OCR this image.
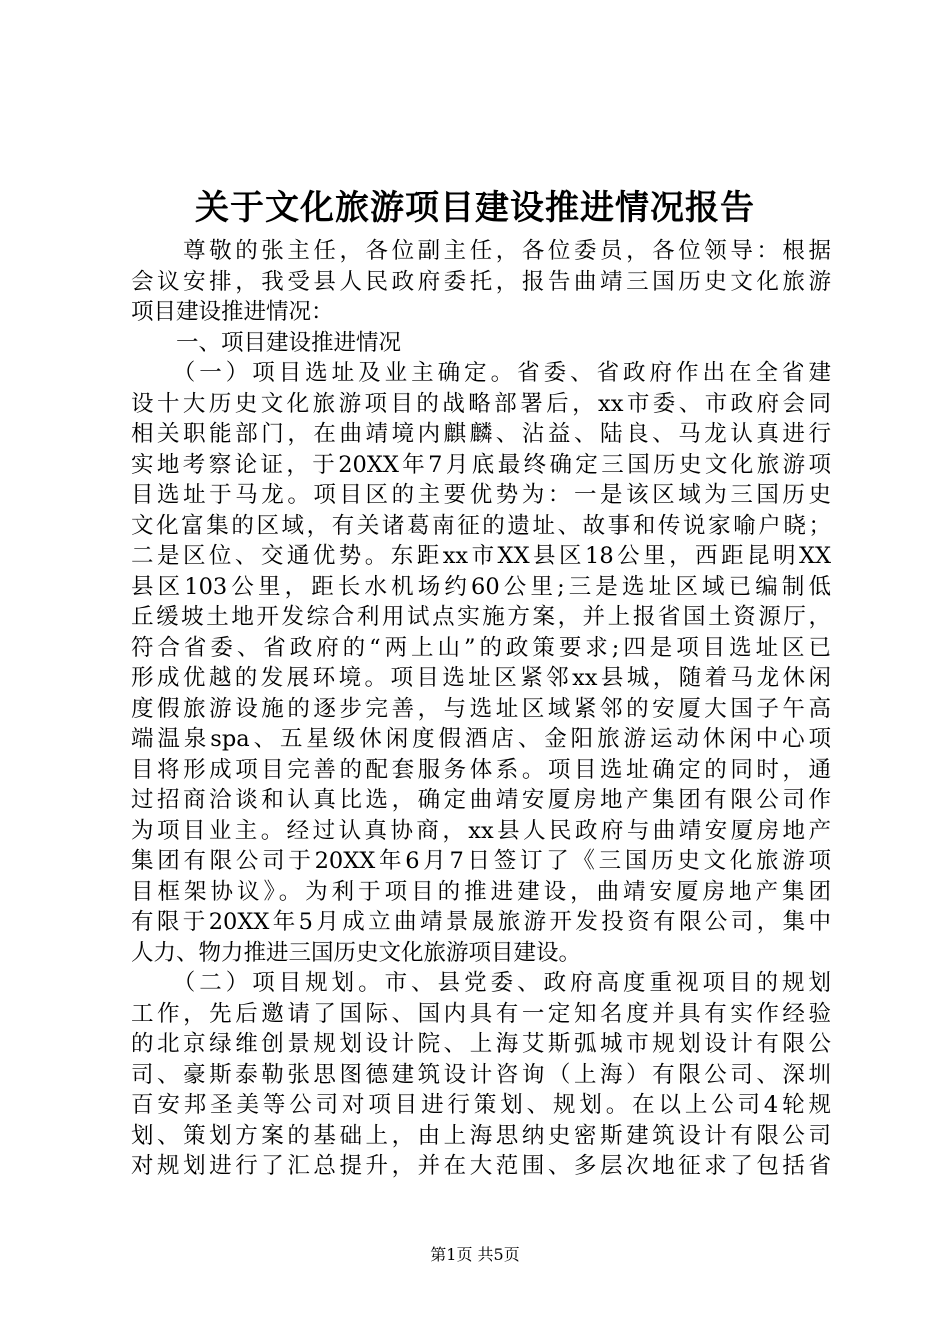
关于文化旅游项目建设推进情况报告
　　尊敬的张主任，各位副主任，各位委员，各位领导：根据
会议安排，我受县人民政府委托，报告曲靖三国历史文化旅游
项目建设推进情况：
　　一、项目建设推进情况
　　（一）项目选址及业主确定。省委、省政府作出在全省建
设十大历史文化旅游项目的战略部署后，xx市委、市政府会同
相关职能部门，在曲靖境内麒麟、沾益、陆良、马龙认真进行
实地考察论证，于20XX年7月底最终确定三国历史文化旅游项
目选址于马龙。项目区的主要优势为：一是该区域为三国历史
文化富集的区域，有关诸葛南征的遗址、故事和传说家喻户晓；
二是区位、交通优势。东距xx市XX县区18公里，西距昆明XX
县区103公里，距长水机场约60公里;三是选址区域已编制低
丘缓坡土地开发综合利用试点实施方案，并上报省国土资源厅，
符合省委、省政府的“两上山”的政策要求;四是项目选址区已
形成优越的发展环境。项目选址区紧邻xx县城，随着马龙休闲
度假旅游设施的逐步完善，与选址区域紧邻的安厦大国子午高
端温泉spa、五星级休闲度假酒店、金阳旅游运动休闲中心项
目将形成项目完善的配套服务体系。项目选址确定的同时，通
过招商洽谈和认真比选，确定曲靖安厦房地产集团有限公司作
为项目业主。经过认真协商，xx县人民政府与曲靖安厦房地产
集团有限公司于20XX年6月7日签订了《三国历史文化旅游项
目框架协议》。为利于项目的推进建设，曲靖安厦房地产集团
有限于20XX年5月成立曲靖景晟旅游开发投资有限公司，集中
人力、物力推进三国历史文化旅游项目建设。
　　（二）项目规划。市、县党委、政府高度重视项目的规划
工作，先后邀请了国际、国内具有一定知名度并具有实作经验
的北京绿维创景规划设计院、上海艾斯弧城市规划设计有限公
司、豪斯泰勒张思图德建筑设计咨询（上海）有限公司、深圳
百安邦圣美等公司对项目进行策划、规划。在以上公司4轮规
划、策划方案的基础上，由上海思纳史密斯建筑设计有限公司
对规划进行了汇总提升，并在大范围、多层次地征求了包括省
第1页 共5页
